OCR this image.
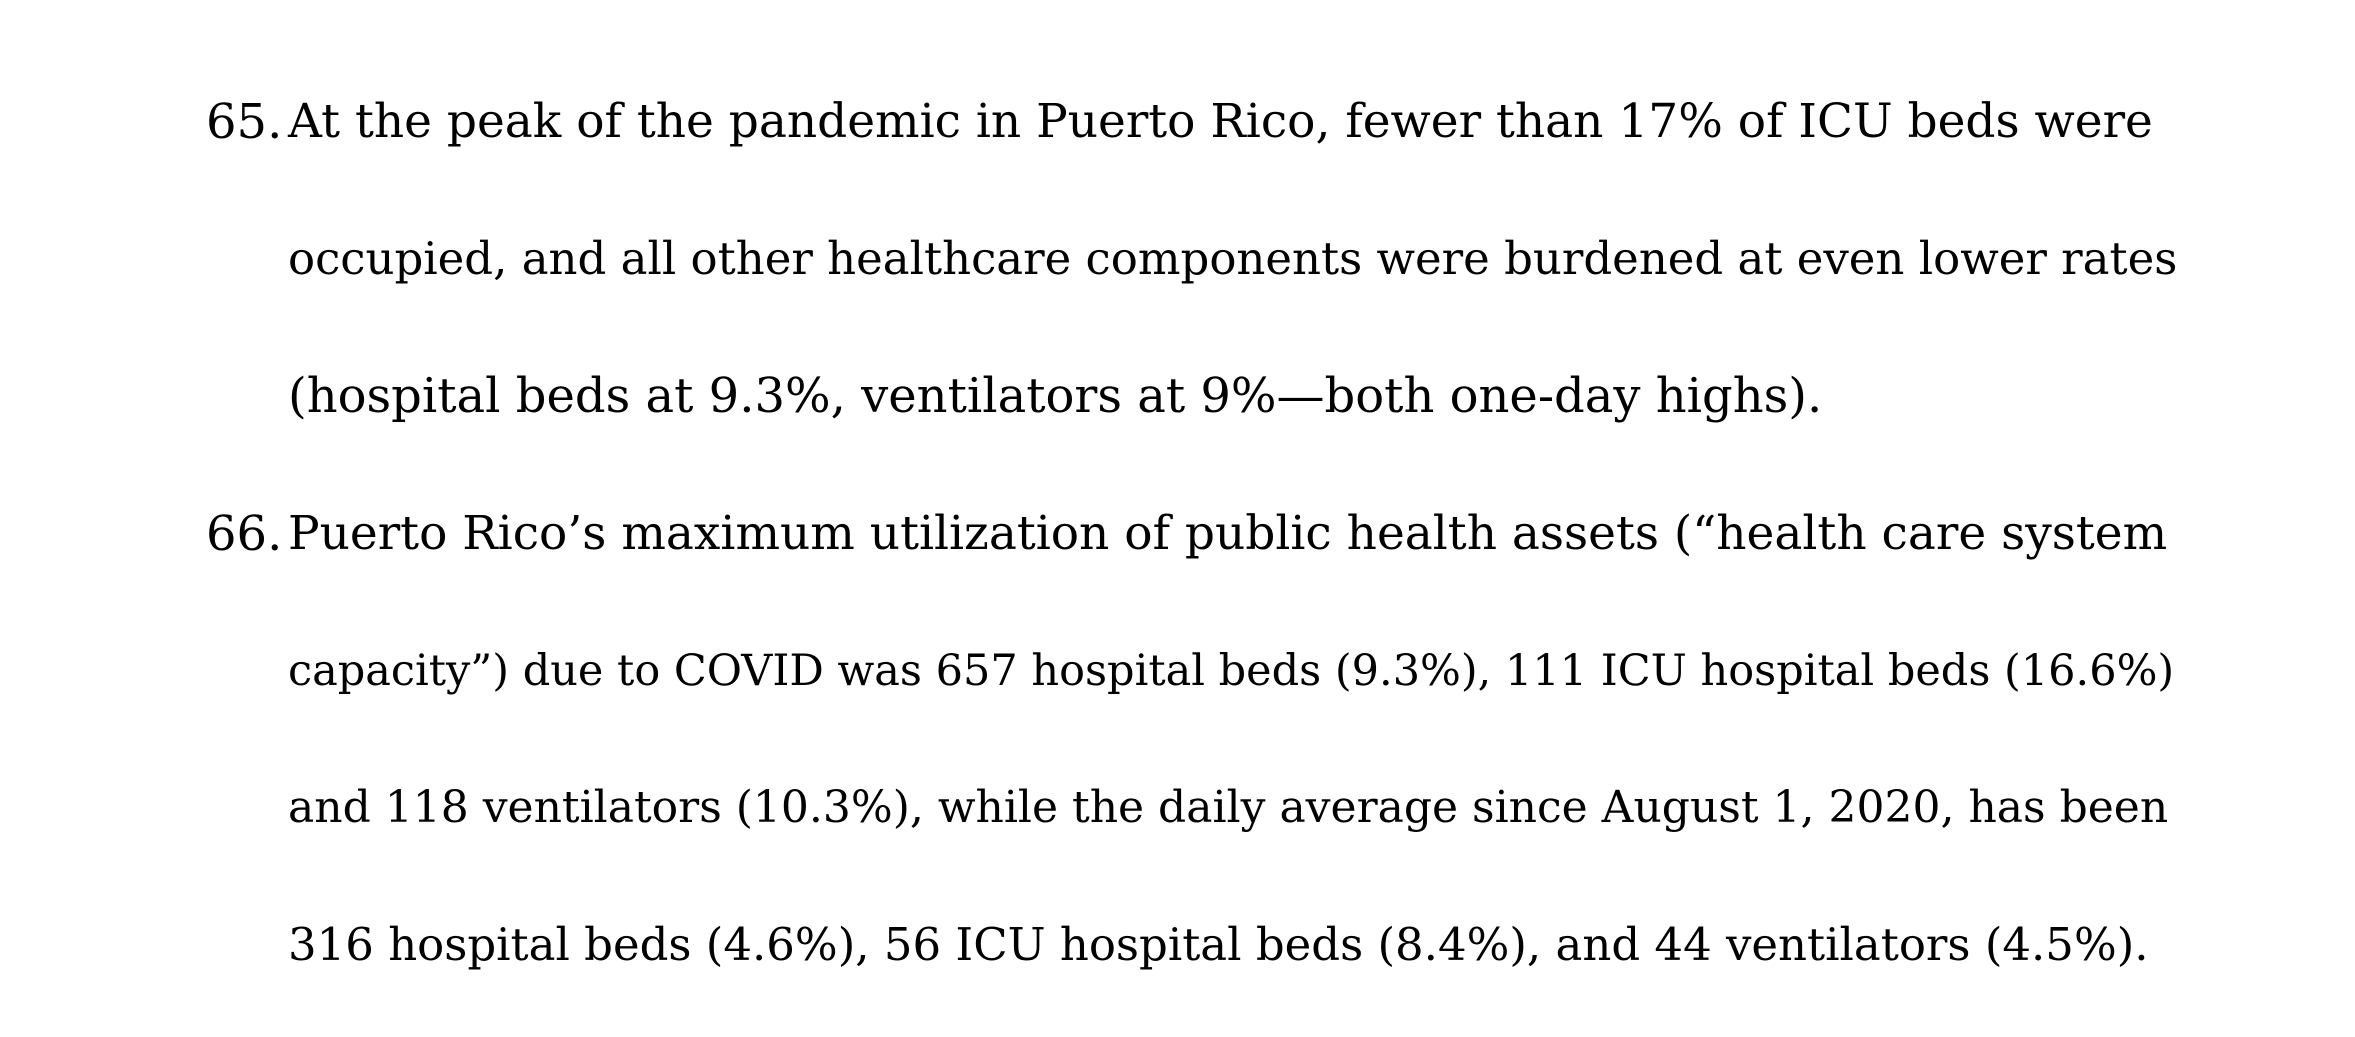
65. At the peak of the pandemic in Puerto Rico, fewer than 17% of ICU beds were
occupied, and all other healthcare components were burdened at even lower rates
(hospital beds at 9.3%, ventilators at 9%—both one-day highs).
66. Puerto Rico’s maximum utilization of public health assets (“health care system
capacity”) due to COVID was 657 hospital beds (9.3%), 111 ICU hospital beds (16.6%)
and 118 ventilators (10.3%), while the daily average since August 1, 2020, has been
316 hospital beds (4.6%), 56 ICU hospital beds (8.4%), and 44 ventilators (4.5%).
